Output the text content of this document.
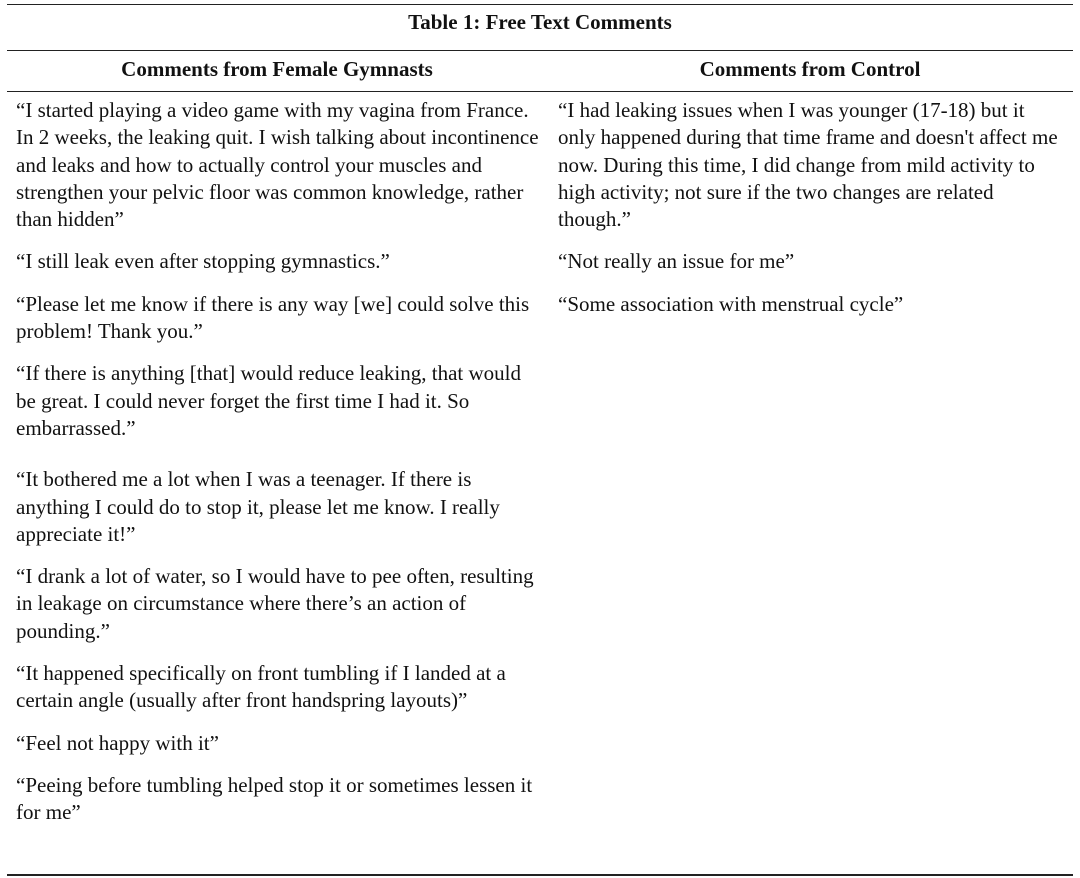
Table 1: Free Text Comments
Comments from Female Gymnasts	Comments from Control

“I started playing a video game with my vagina from France. In 2 weeks, the leaking quit. I wish talking about incontinence and leaks and how to actually control your muscles and strengthen your pelvic floor was common knowledge, rather than hidden”

“I still leak even after stopping gymnastics.”

“Please let me know if there is any way [we] could solve this problem! Thank you.”

“If there is anything [that] would reduce leaking, that would be great. I could never forget the first time I had it. So embarrassed.”

“It bothered me a lot when I was a teenager. If there is anything I could do to stop it, please let me know. I really appreciate it!”

“I drank a lot of water, so I would have to pee often, resulting in leakage on circumstance where there’s an action of pounding.”

“It happened specifically on front tumbling if I landed at a certain angle (usually after front handspring layouts)”

“Feel not happy with it”

“Peeing before tumbling helped stop it or sometimes lessen it for me”

“I had leaking issues when I was younger (17-18) but it only happened during that time frame and doesn't affect me now. During this time, I did change from mild activity to high activity; not sure if the two changes are related though.”

“Not really an issue for me”

“Some association with menstrual cycle”
